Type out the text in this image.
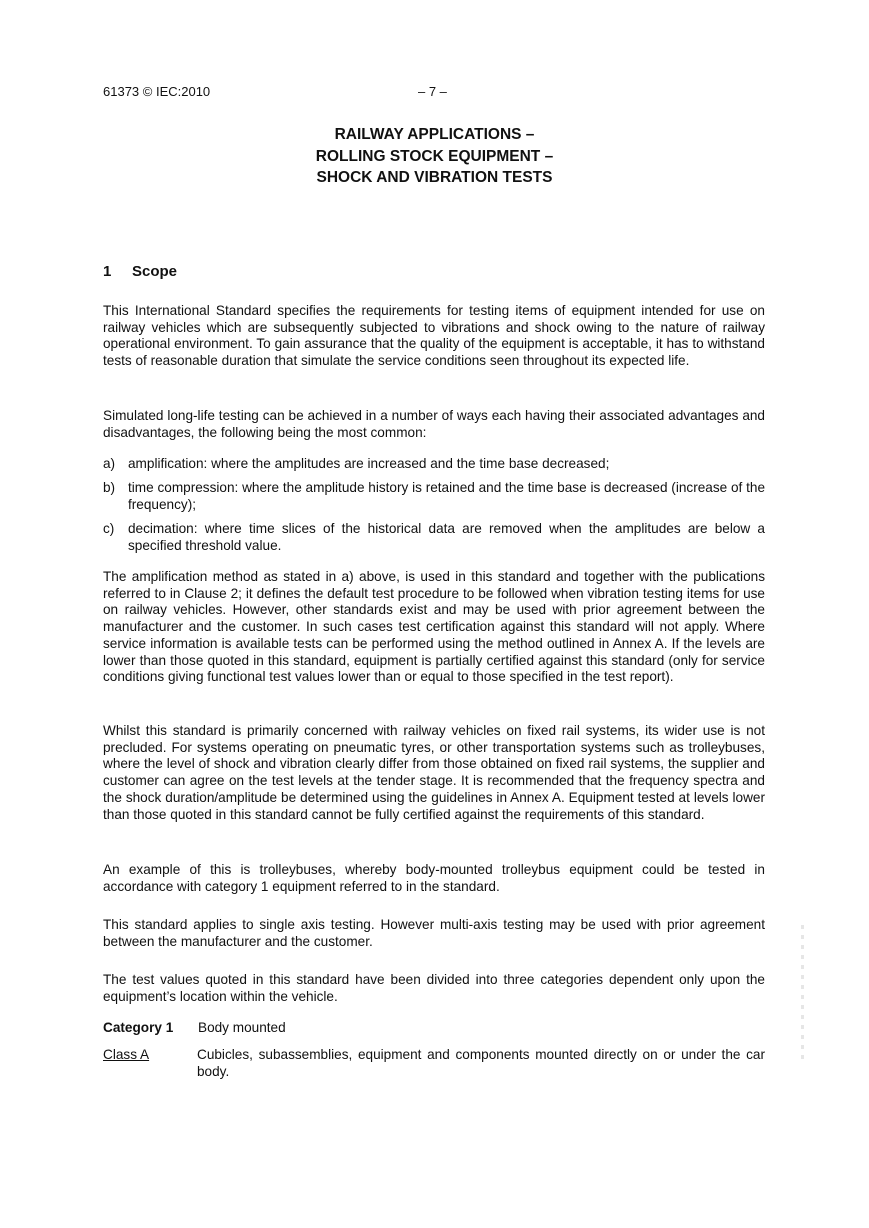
61373 © IEC:2010	– 7 –
RAILWAY APPLICATIONS –
ROLLING STOCK EQUIPMENT –
SHOCK AND VIBRATION TESTS
1 Scope

This International Standard specifies the requirements for testing items of equipment intended for use on railway vehicles which are subsequently subjected to vibrations and shock owing to the nature of railway operational environment. To gain assurance that the quality of the equipment is acceptable, it has to withstand tests of reasonable duration that simulate the service conditions seen throughout its expected life.

Simulated long-life testing can be achieved in a number of ways each having their associated advantages and disadvantages, the following being the most common:

a) amplification: where the amplitudes are increased and the time base decreased;
b) time compression: where the amplitude history is retained and the time base is decreased (increase of the frequency);
c) decimation: where time slices of the historical data are removed when the amplitudes are below a specified threshold value.

The amplification method as stated in a) above, is used in this standard and together with the publications referred to in Clause 2; it defines the default test procedure to be followed when vibration testing items for use on railway vehicles. However, other standards exist and may be used with prior agreement between the manufacturer and the customer. In such cases test certification against this standard will not apply. Where service information is available tests can be performed using the method outlined in Annex A. If the levels are lower than those quoted in this standard, equipment is partially certified against this standard (only for service conditions giving functional test values lower than or equal to those specified in the test report).

Whilst this standard is primarily concerned with railway vehicles on fixed rail systems, its wider use is not precluded. For systems operating on pneumatic tyres, or other transportation systems such as trolleybuses, where the level of shock and vibration clearly differ from those obtained on fixed rail systems, the supplier and customer can agree on the test levels at the tender stage. It is recommended that the frequency spectra and the shock duration/amplitude be determined using the guidelines in Annex A. Equipment tested at levels lower than those quoted in this standard cannot be fully certified against the requirements of this standard.

An example of this is trolleybuses, whereby body-mounted trolleybus equipment could be tested in accordance with category 1 equipment referred to in the standard.

This standard applies to single axis testing. However multi-axis testing may be used with prior agreement between the manufacturer and the customer.

The test values quoted in this standard have been divided into three categories dependent only upon the equipment’s location within the vehicle.

Category 1 Body mounted
Class A	Cubicles, subassemblies, equipment and components mounted directly on or under the car body.
